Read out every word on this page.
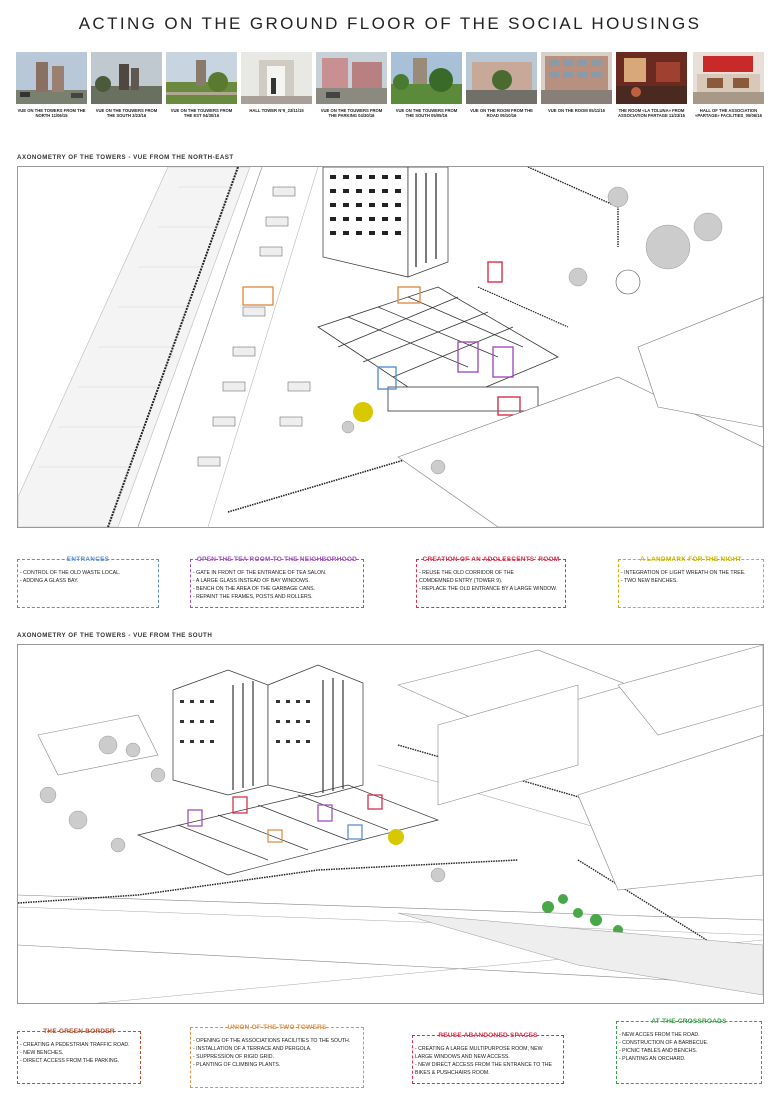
ACTING ON THE GROUND FLOOR OF THE SOCIAL HOUSINGS
VUE ON THE TOWERS FROM THE NORTH 11/06/15
VUE ON THE TOUWERS FROM THE SOUTH 3/23/16
VUE ON THE TOUWERS FROM THE EST 04/30/16
HALL TOWER N°9_23/11/15	VUE ON THE TOUWERS FROM THE PARKING 04/30/16
VUE ON THE TOUWERS FROM THE SOUTH 05/05/16
VUE ON THE ROOM FROM THE ROAD 05/10/16
VUE ON THE ROOM 05/11/16	THE ROOM «LA TOLUNA» FROM ASSOCIATION PARTAGE 11/23/15
HALL OF THE ASSOCIATION «PARTAGE» FACILITIES_05/06/16
AXONOMETRY OF THE TOWERS - VUE FROM THE NORTH-EAST
ENTRANCES
- CONTROL OF THE OLD WASTE LOCAL.
- ADDING A GLASS BAY.
OPEN THE TEA ROOM TO THE NEIGHBORHOOD
- GATE IN FRONT OF THE ENTRANCE OF TEA SALON.
- A LARGE GLASS INSTEAD OF BAY WINDOWS.
- BENCH ON THE AREA OF THE GARBAGE CANS.
- REPAINT THE FRAMES, POSTS AND ROLLERS.
CREATION OF AN ADOLESCENTS' ROOM
- REUSE THE OLD CORRIDOR OF THE
COMDEMNED ENTRY (TOWER 9).
- REPLACE THE OLD ENTRANCE BY A LARGE WINDOW.
A LANDMARK FOR THE NIGHT
- INTEGRATION OF LIGHT WREATH ON THE TREE.
- TWO NEW BENCHES.
AXONOMETRY OF THE TOWERS - VUE FROM THE SOUTH
THE GREEN BORDER
- CREATING A PEDESTRIAN TRAFFIC ROAD.
- NEW BENCHES.
- DIRECT ACCESS FROM THE PARKING.
UNION OF THE TWO TOWERS
- OPENING OF THE ASSOCIATIONS FACILITIES TO THE SOUTH.
- INSTALLATION OF A TERRACE AND PERGOLA.
- SUPPRESSION OF RIGID GRID.
- PLANTING OF CLIMBING PLANTS.
REUSE ABANDONED SPACES
- CREATING A LARGE MULTIPURPOSE ROOM, NEW
LARGE WINDOWS AND NEW ACCESS.
- NEW DIRECT ACCESS FROM THE ENTRANCE TO THE
BIKES & PUSHCHAIRS ROOM.
AT THE CROSSROADS
- NEW ACCES FROM THE ROAD.
- CONSTRUCTION OF A BARBECUE.
- PICNIC TABLES AND BENCHS.
- PLANTING AN ORCHARD.
